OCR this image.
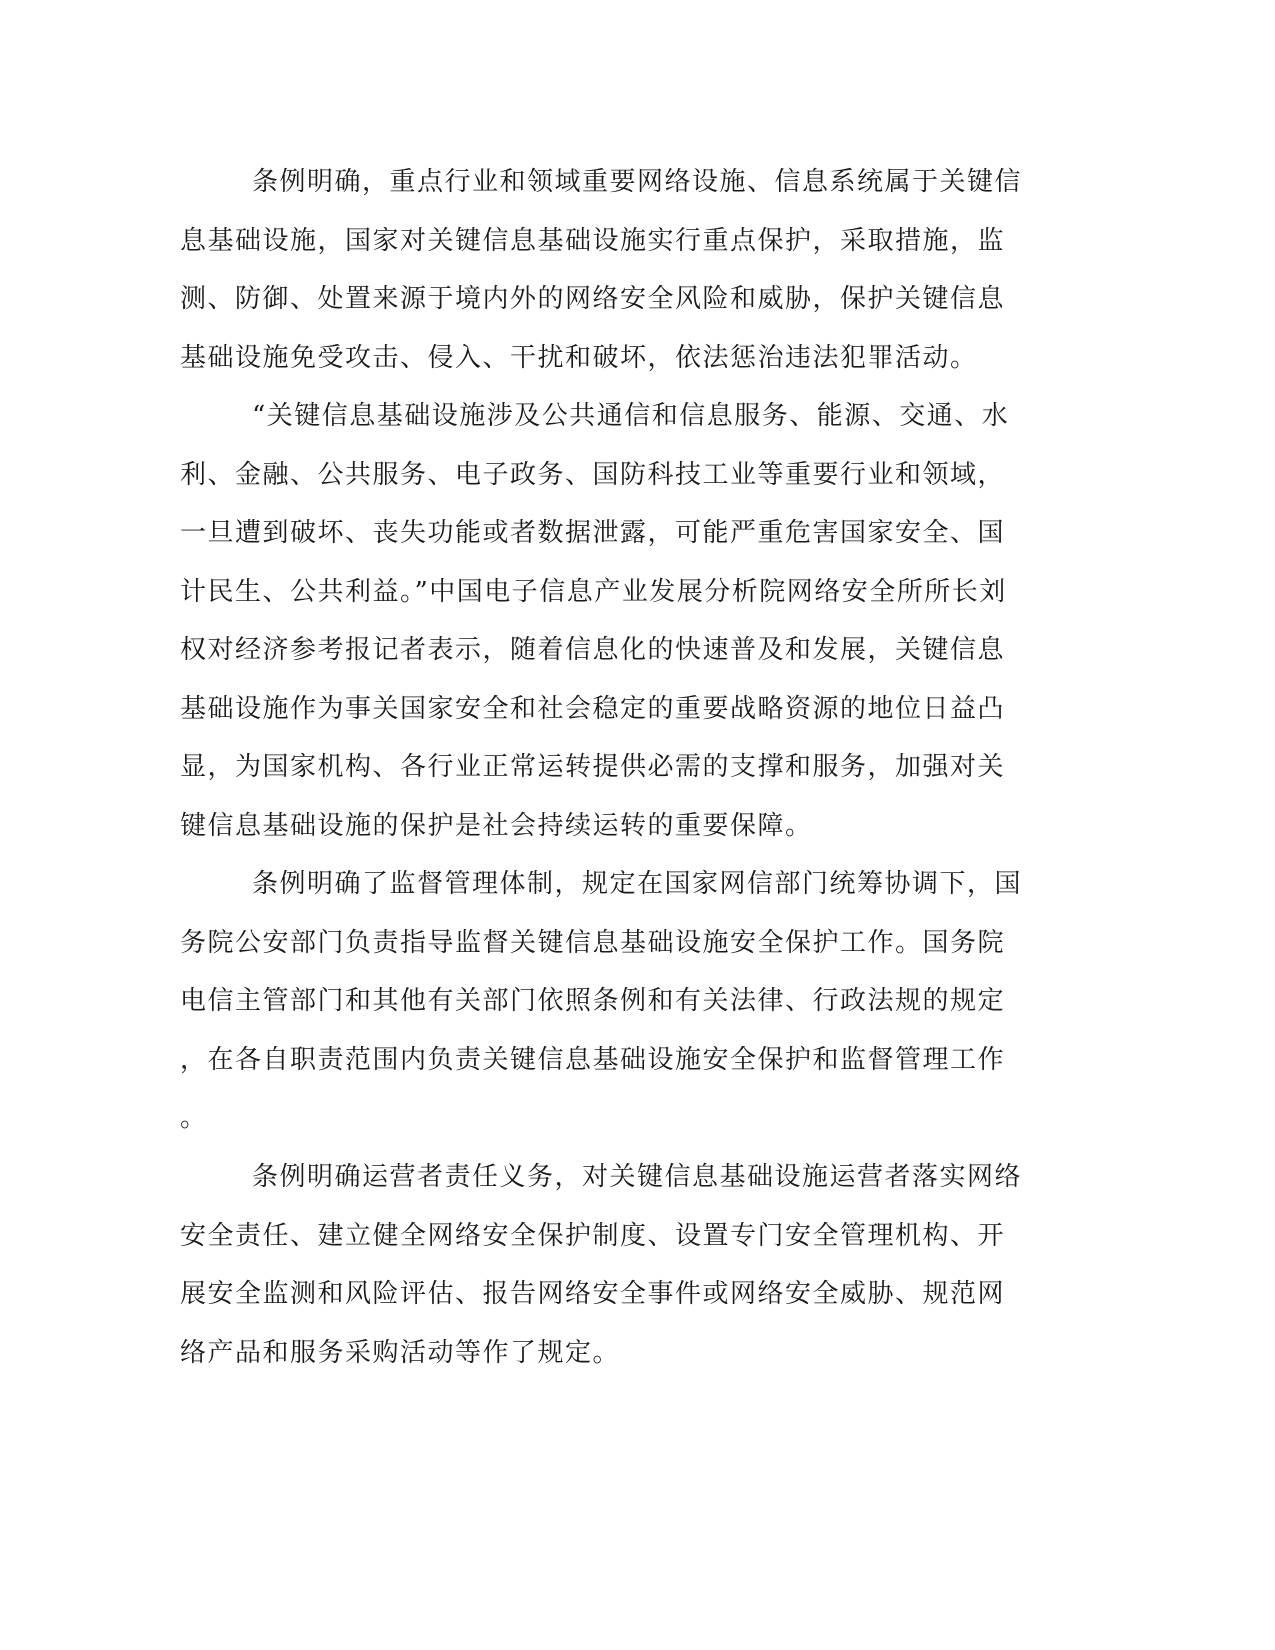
条例明确，重点行业和领域重要网络设施、信息系统属于关键信
息基础设施，国家对关键信息基础设施实行重点保护，采取措施，监
测、防御、处置来源于境内外的网络安全风险和威胁，保护关键信息
基础设施免受攻击、侵入、干扰和破坏，依法惩治违法犯罪活动。

“关键信息基础设施涉及公共通信和信息服务、能源、交通、水
利、金融、公共服务、电子政务、国防科技工业等重要行业和领域，
一旦遭到破坏、丧失功能或者数据泄露，可能严重危害国家安全、国
计民生、公共利益。”中国电子信息产业发展分析院网络安全所所长刘
权对经济参考报记者表示，随着信息化的快速普及和发展，关键信息
基础设施作为事关国家安全和社会稳定的重要战略资源的地位日益凸
显，为国家机构、各行业正常运转提供必需的支撑和服务，加强对关
键信息基础设施的保护是社会持续运转的重要保障。

条例明确了监督管理体制，规定在国家网信部门统筹协调下，国
务院公安部门负责指导监督关键信息基础设施安全保护工作。国务院
电信主管部门和其他有关部门依照条例和有关法律、行政法规的规定
，在各自职责范围内负责关键信息基础设施安全保护和监督管理工作
。

条例明确运营者责任义务，对关键信息基础设施运营者落实网络
安全责任、建立健全网络安全保护制度、设置专门安全管理机构、开
展安全监测和风险评估、报告网络安全事件或网络安全威胁、规范网
络产品和服务采购活动等作了规定。
